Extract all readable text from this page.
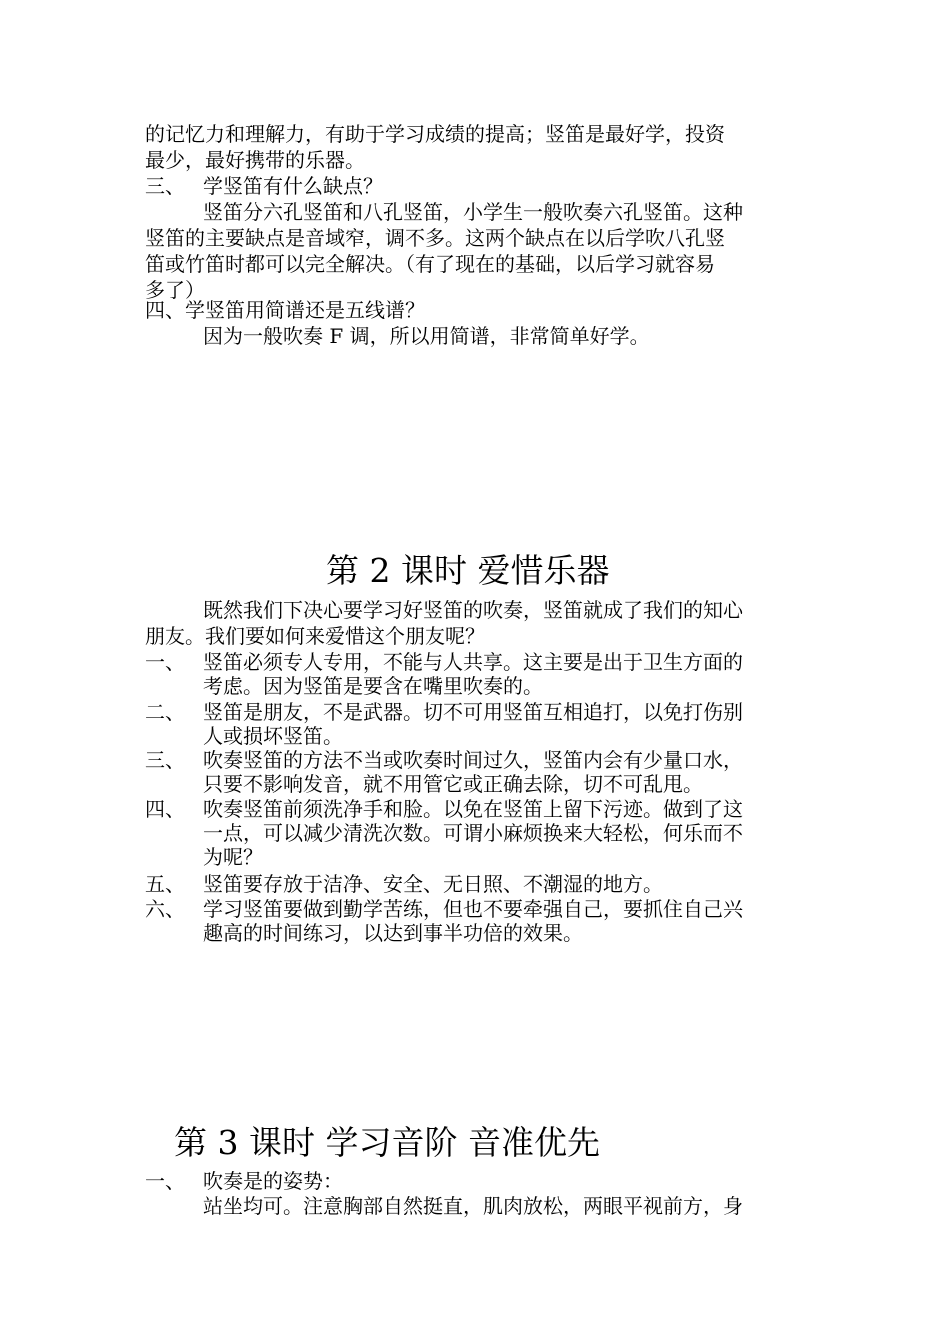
的记忆力和理解力，有助于学习成绩的提高；竖笛是最好学，投资
最少，最好携带的乐器。
三、 学竖笛有什么缺点？
竖笛分六孔竖笛和八孔竖笛，小学生一般吹奏六孔竖笛。这种
竖笛的主要缺点是音域窄，调不多。这两个缺点在以后学吹八孔竖
笛或竹笛时都可以完全解决。（有了现在的基础，以后学习就容易
多了）
四、学竖笛用简谱还是五线谱？
因为一般吹奏 F 调，所以用简谱，非常简单好学。
第 2 课时 爱惜乐器
既然我们下决心要学习好竖笛的吹奏，竖笛就成了我们的知心
朋友。我们要如何来爱惜这个朋友呢？
一、 竖笛必须专人专用，不能与人共享。这主要是出于卫生方面的
考虑。因为竖笛是要含在嘴里吹奏的。
二、 竖笛是朋友，不是武器。切不可用竖笛互相追打，以免打伤别
人或损坏竖笛。
三、 吹奏竖笛的方法不当或吹奏时间过久，竖笛内会有少量口水，
只要不影响发音，就不用管它或正确去除，切不可乱甩。
四、 吹奏竖笛前须洗净手和脸。以免在竖笛上留下污迹。做到了这
一点，可以减少清洗次数。可谓小麻烦换来大轻松，何乐而不
为呢？
五、 竖笛要存放于洁净、安全、无日照、不潮湿的地方。
六、 学习竖笛要做到勤学苦练，但也不要牵强自己，要抓住自己兴
趣高的时间练习，以达到事半功倍的效果。
第 3 课时 学习音阶 音准优先
一、 吹奏是的姿势：
站坐均可。注意胸部自然挺直，肌肉放松，两眼平视前方，身
